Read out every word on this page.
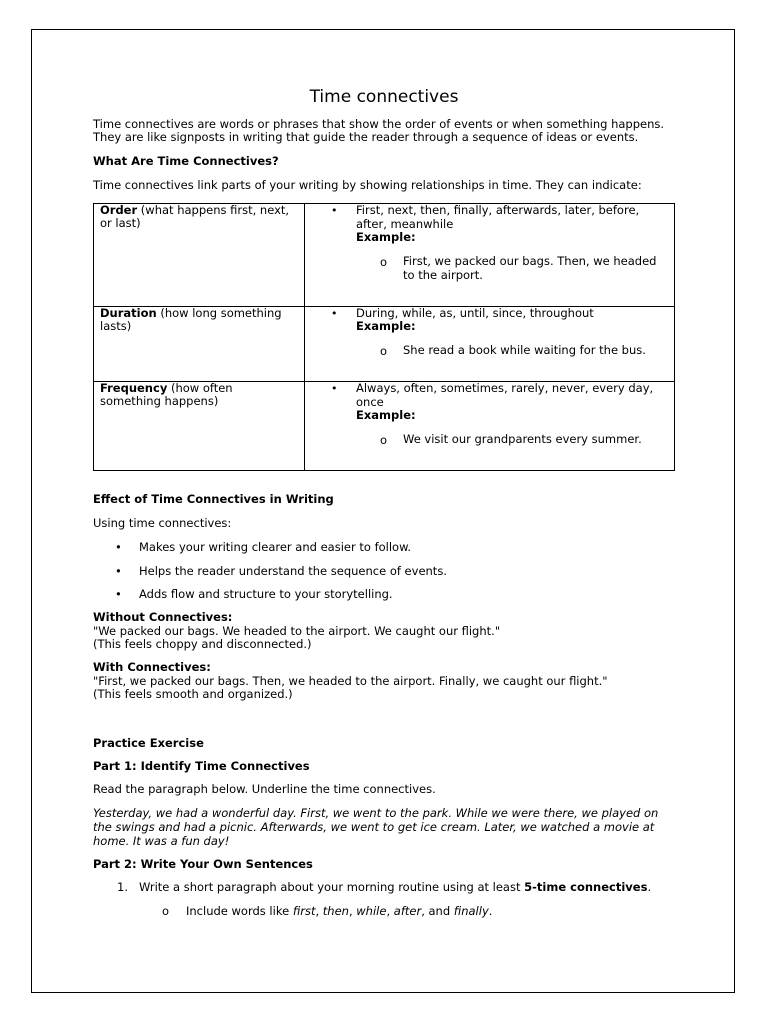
Time connectives
Time connectives are words or phrases that show the order of events or when something happens.
They are like signposts in writing that guide the reader through a sequence of ideas or events.
What Are Time Connectives?
Time connectives link parts of your writing by showing relationships in time. They can indicate:
Order (what happens first, next,
or last)
• First, next, then, finally, afterwards, later, before,
after, meanwhile
Example:
o First, we packed our bags. Then, we headed
to the airport.
Duration (how long something
lasts)
• During, while, as, until, since, throughout
Example:
o She read a book while waiting for the bus.
Frequency (how often
something happens)
• Always, often, sometimes, rarely, never, every day,
once
Example:
o We visit our grandparents every summer.
Effect of Time Connectives in Writing
Using time connectives:
• Makes your writing clearer and easier to follow.
• Helps the reader understand the sequence of events.
• Adds flow and structure to your storytelling.
Without Connectives:
"We packed our bags. We headed to the airport. We caught our flight."
(This feels choppy and disconnected.)
With Connectives:
"First, we packed our bags. Then, we headed to the airport. Finally, we caught our flight."
(This feels smooth and organized.)
Practice Exercise
Part 1: Identify Time Connectives
Read the paragraph below. Underline the time connectives.
Yesterday, we had a wonderful day. First, we went to the park. While we were there, we played on
the swings and had a picnic. Afterwards, we went to get ice cream. Later, we watched a movie at
home. It was a fun day!
Part 2: Write Your Own Sentences
1. Write a short paragraph about your morning routine using at least 5-time connectives.
o Include words like first, then, while, after, and finally.
